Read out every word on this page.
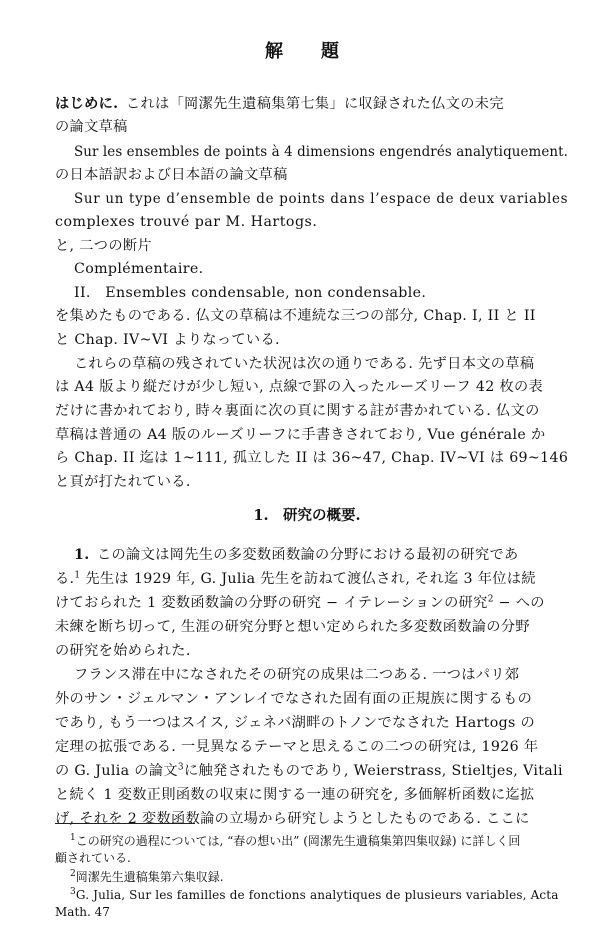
解　題
はじめに.  これは「岡潔先生遺稿集第七集」に収録された仏文の未完
の論文草稿
Sur les ensembles de points à 4 dimensions engendrés analytiquement.
の日本語訳および日本語の論文草稿
Sur un type d’ensemble de points dans l’espace de deux variables
complexes trouvé par M. Hartogs.
と, 二つの断片
Complémentaire.
II.　Ensembles condensable, non condensable.
を集めたものである. 仏文の草稿は不連続な三つの部分, Chap. I, II と II
と Chap. IV~VI よりなっている.
これらの草稿の残されていた状況は次の通りである. 先ず日本文の草稿
は A4 版より縦だけが少し短い, 点線で罫の入ったルーズリーフ 42 枚の表
だけに書かれており, 時々裏面に次の頁に関する註が書かれている. 仏文の
草稿は普通の A4 版のルーズリーフに手書きされており, Vue générale か
ら Chap. II 迄は 1~111, 孤立した II は 36~47, Chap. IV~VI は 69~146
と頁が打たれている.
1.　研究の概要.
1.  この論文は岡先生の多変数函数論の分野における最初の研究であ
る.$^1$ 先生は 1929 年, G. Julia 先生を訪ねて渡仏され, それ迄 3 年位は続
けておられた 1 変数函数論の分野の研究 − イテレーションの研究$^2$ − への
未練を断ち切って, 生涯の研究分野と想い定められた多変数函数論の分野
の研究を始められた.
フランス滞在中になされたその研究の成果は二つある. 一つはパリ郊
外のサン・ジェルマン・アンレイでなされた固有面の正規族に関するもの
であり, もう一つはスイス, ジェネバ湖畔のトノンでなされた Hartogs の
定理の拡張である. 一見異なるテーマと思えるこの二つの研究は, 1926 年
の G. Julia の論文$^3$に触発されたものであり, Weierstrass, Stieltjes, Vitali
と続く 1 変数正則函数の収束に関する一連の研究を, 多価解析函数に迄拡
げ, それを 2 変数函数論の立場から研究しようとしたものである. ここに
$^1$この研究の過程については, “春の想い出” (岡潔先生遺稿集第四集収録) に詳しく回
顧されている.
$^2$岡潔先生遺稿集第六集収録.
$^3$G. Julia, Sur les familles de fonctions analytiques de plusieurs variables, Acta
Math. 47
